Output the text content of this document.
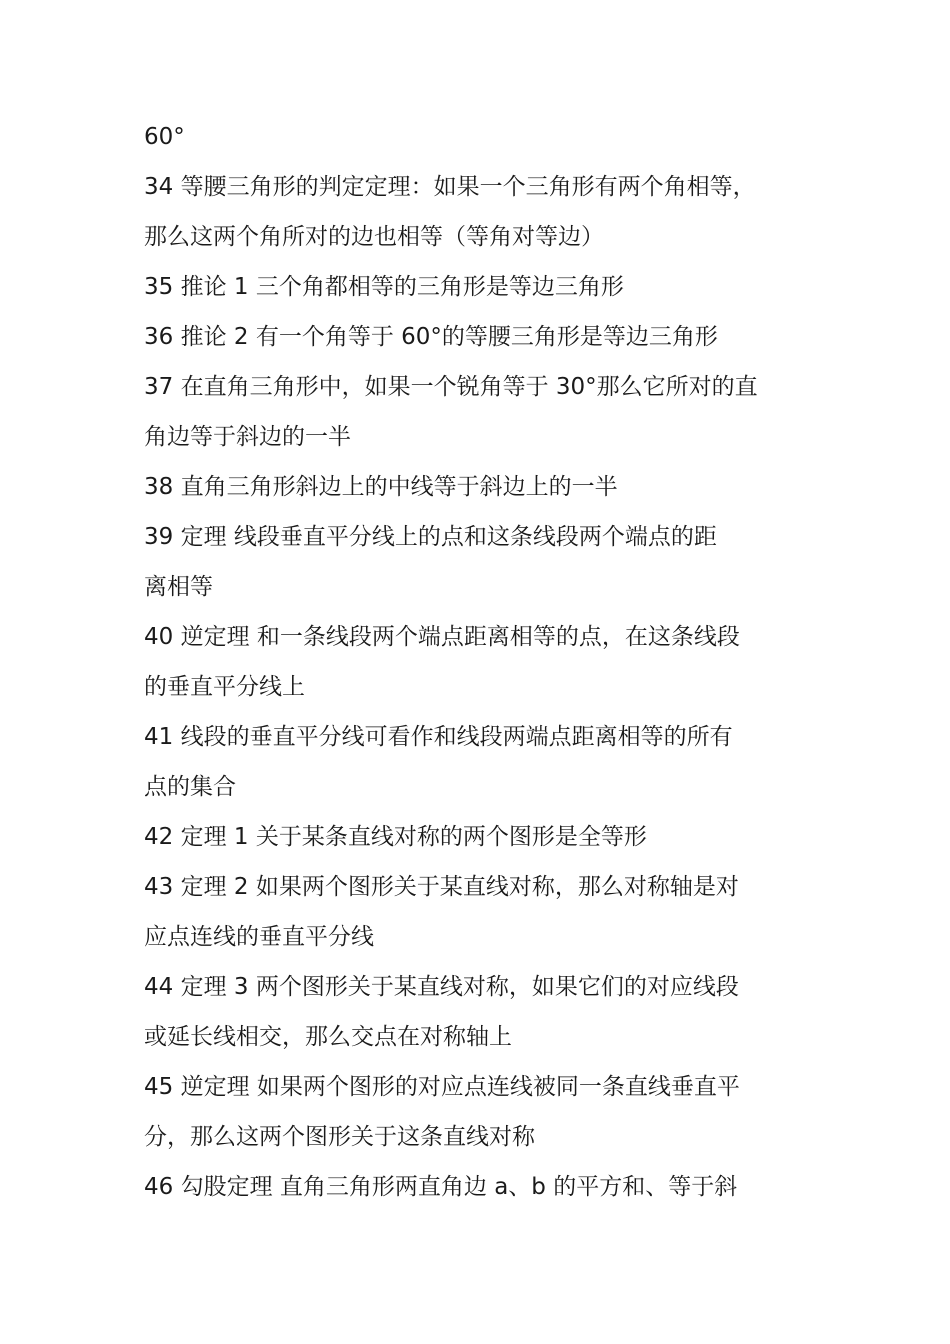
60°
34 等腰三角形的判定定理：如果一个三角形有两个角相等，
那么这两个角所对的边也相等（等角对等边）
35 推论 1 三个角都相等的三角形是等边三角形
36 推论 2 有一个角等于 60°的等腰三角形是等边三角形
37 在直角三角形中，如果一个锐角等于 30°那么它所对的直
角边等于斜边的一半
38 直角三角形斜边上的中线等于斜边上的一半
39 定理 线段垂直平分线上的点和这条线段两个端点的距
离相等
40 逆定理 和一条线段两个端点距离相等的点，在这条线段
的垂直平分线上
41 线段的垂直平分线可看作和线段两端点距离相等的所有
点的集合
42 定理 1 关于某条直线对称的两个图形是全等形
43 定理 2 如果两个图形关于某直线对称，那么对称轴是对
应点连线的垂直平分线
44 定理 3 两个图形关于某直线对称，如果它们的对应线段
或延长线相交，那么交点在对称轴上
45 逆定理 如果两个图形的对应点连线被同一条直线垂直平
分，那么这两个图形关于这条直线对称
46 勾股定理 直角三角形两直角边 a、b 的平方和、等于斜
